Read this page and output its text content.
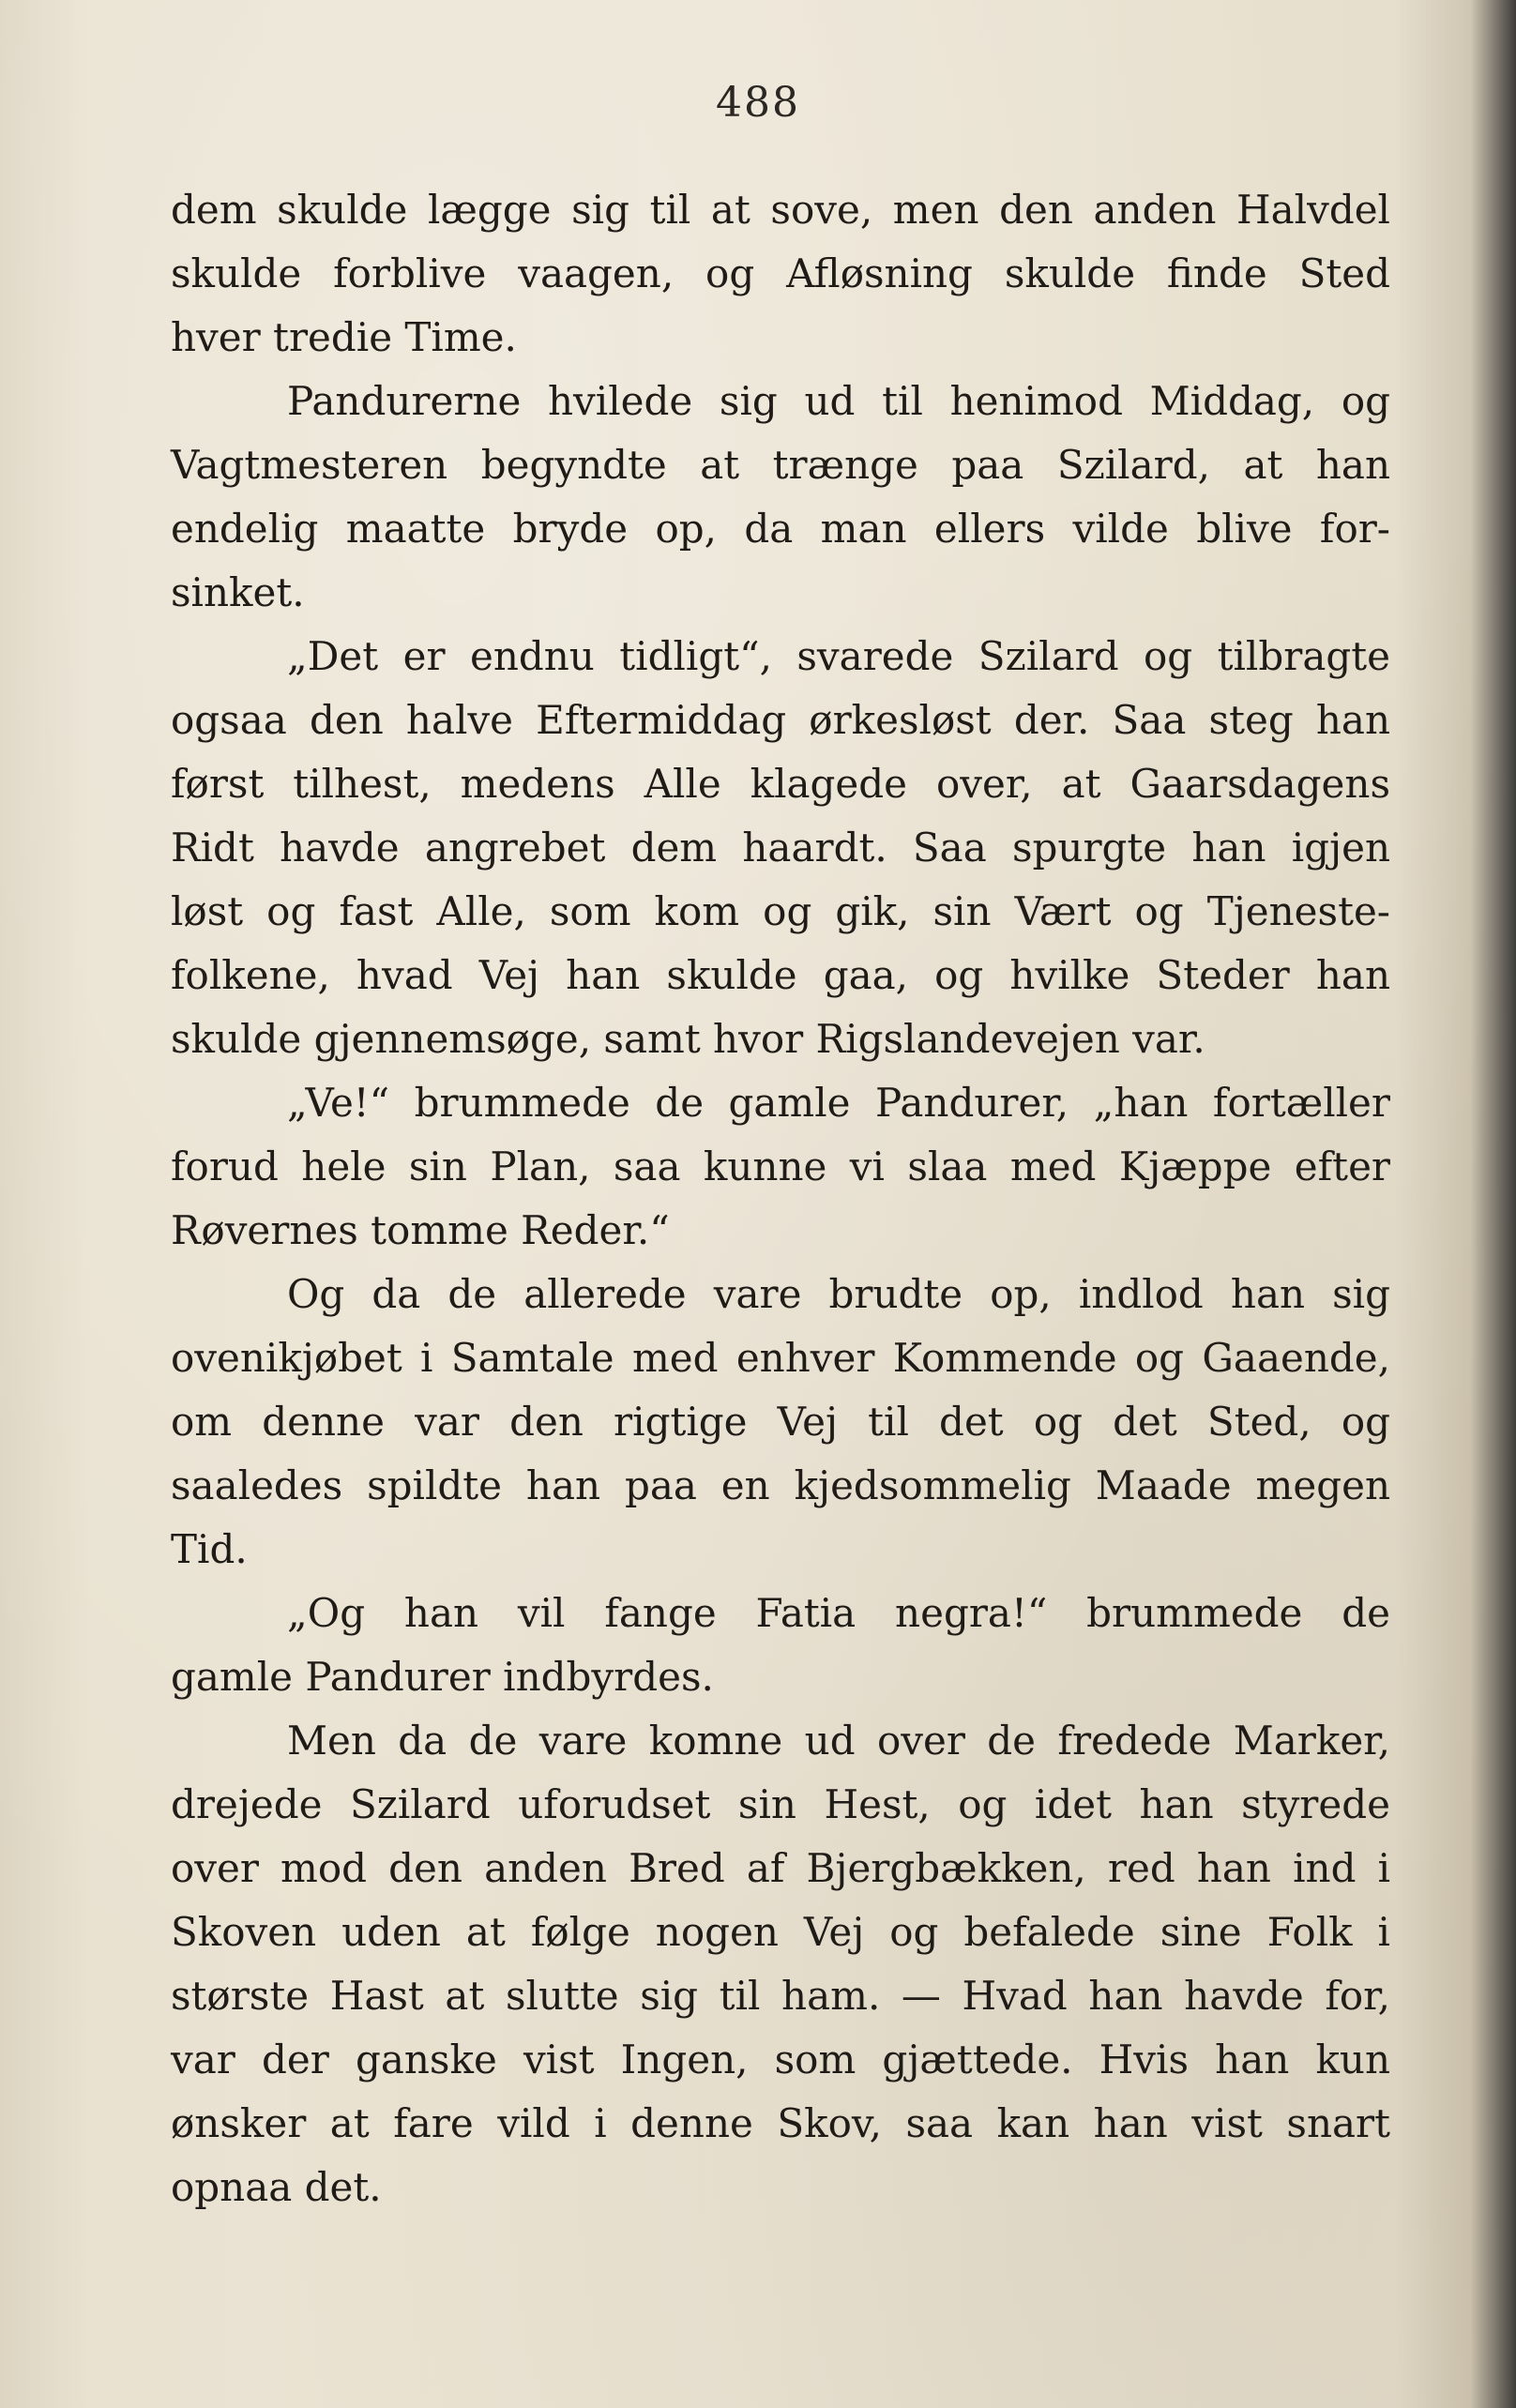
488
dem skulde lægge sig til at sove, men den anden Halvdel
skulde forblive vaagen, og Afløsning skulde finde Sted
hver tredie Time.
Pandurerne hvilede sig ud til henimod Middag, og
Vagtmesteren begyndte at trænge paa Szilard, at han
endelig maatte bryde op, da man ellers vilde blive for-
sinket.
„Det er endnu tidligt“, svarede Szilard og tilbragte
ogsaa den halve Eftermiddag ørkesløst der. Saa steg han
først tilhest, medens Alle klagede over, at Gaarsdagens
Ridt havde angrebet dem haardt. Saa spurgte han igjen
løst og fast Alle, som kom og gik, sin Vært og Tjeneste-
folkene, hvad Vej han skulde gaa, og hvilke Steder han
skulde gjennemsøge, samt hvor Rigslandevejen var.
„Ve!“ brummede de gamle Pandurer, „han fortæller
forud hele sin Plan, saa kunne vi slaa med Kjæppe efter
Røvernes tomme Reder.“
Og da de allerede vare brudte op, indlod han sig
ovenikjøbet i Samtale med enhver Kommende og Gaaende,
om denne var den rigtige Vej til det og det Sted, og
saaledes spildte han paa en kjedsommelig Maade megen
Tid.
„Og han vil fange Fatia negra!“ brummede de
gamle Pandurer indbyrdes.
Men da de vare komne ud over de fredede Marker,
drejede Szilard uforudset sin Hest, og idet han styrede
over mod den anden Bred af Bjergbækken, red han ind i
Skoven uden at følge nogen Vej og befalede sine Folk i
største Hast at slutte sig til ham. — Hvad han havde for,
var der ganske vist Ingen, som gjættede. Hvis han kun
ønsker at fare vild i denne Skov, saa kan han vist snart
opnaa det.
